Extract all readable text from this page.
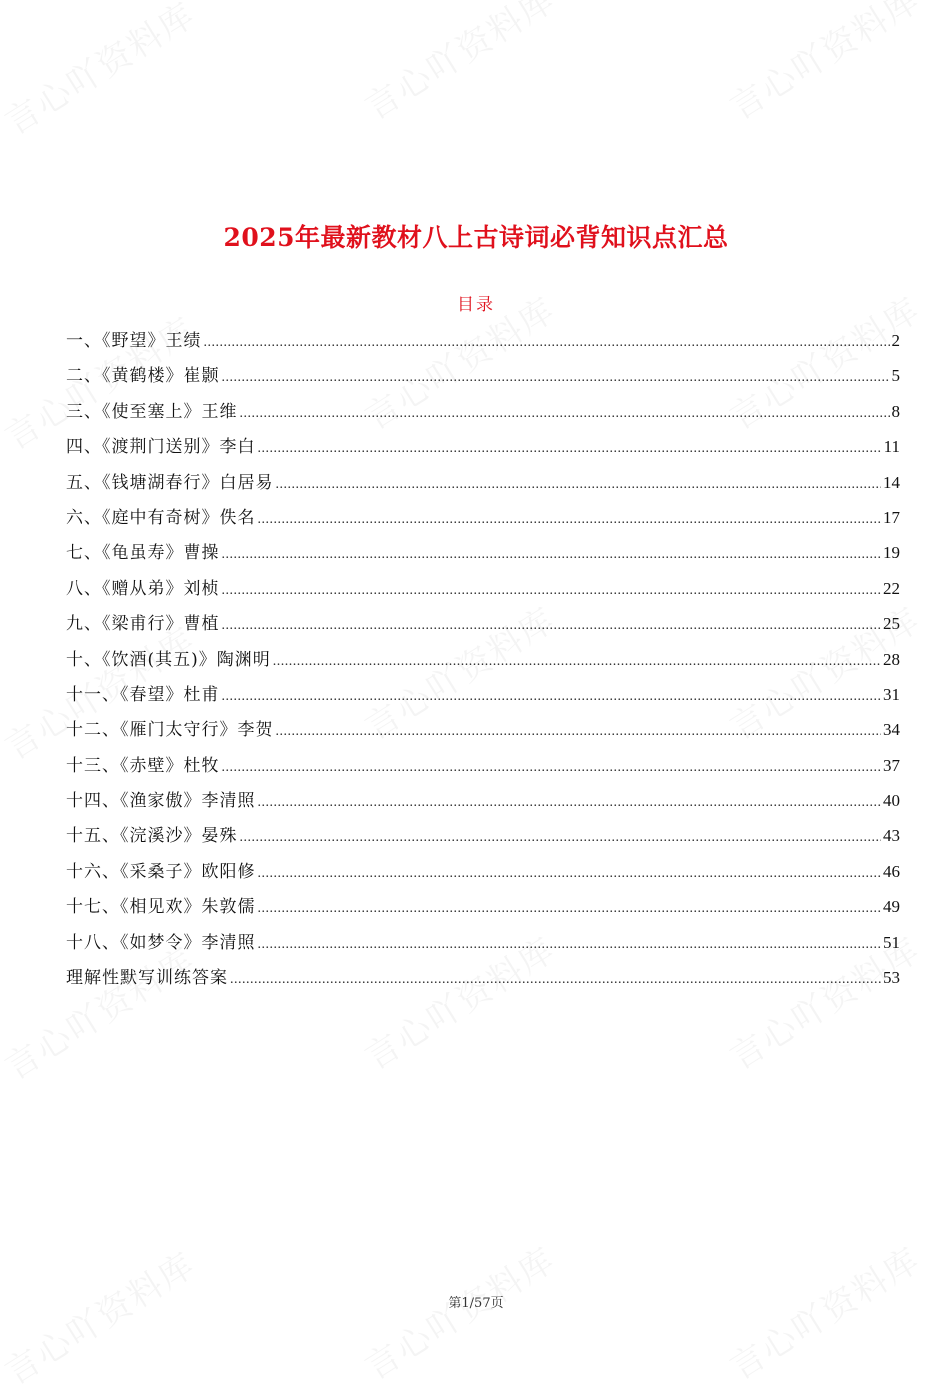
2025年最新教材八上古诗词必背知识点汇总
目录
一、《野望》王绩 .....	2
二、《黄鹤楼》崔颢 .....	5
三、《使至塞上》王维 .....	8
四、《渡荆门送别》李白 .....	11
五、《钱塘湖春行》白居易 .....	14
六、《庭中有奇树》佚名 .....	17
七、《龟虽寿》曹操 .....	19
八、《赠从弟》刘桢 .....	22
九、《梁甫行》曹植 .....	25
十、《饮酒(其五)》陶渊明 .....	28
十一、《春望》杜甫 .....	31
十二、《雁门太守行》李贺 .....	34
十三、《赤壁》杜牧 .....	37
十四、《渔家傲》李清照 .....	40
十五、《浣溪沙》晏殊 .....	43
十六、《采桑子》欧阳修 .....	46
十七、《相见欢》朱敦儒 .....	49
十八、《如梦令》李清照 .....	51
理解性默写训练答案 .....	53
第1/57页
